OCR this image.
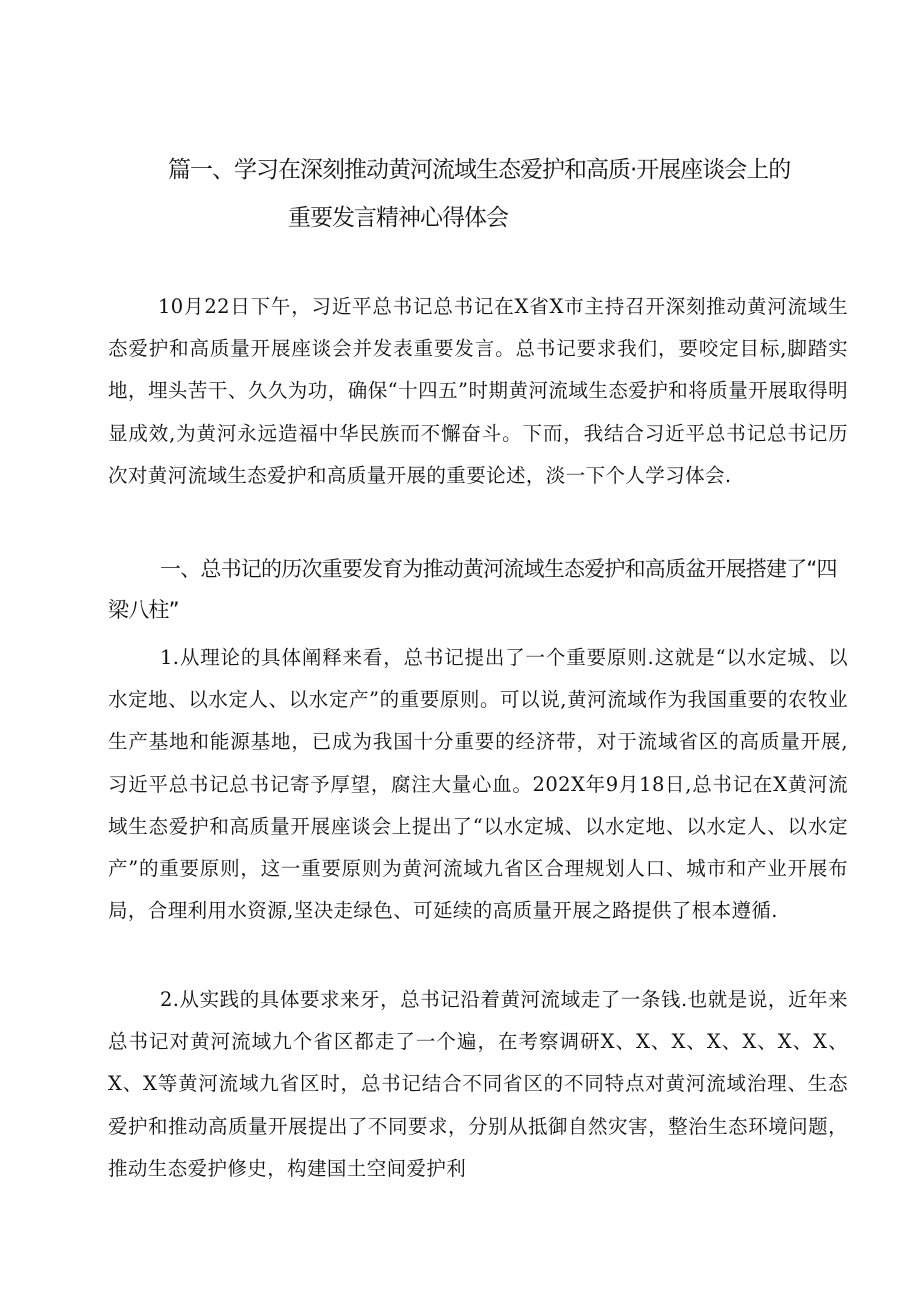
篇一、学习在深刻推动黄河流域生态爱护和高质·开展座谈会上的
重要发言精神心得体会
10月22日下午，习近平总书记总书记在X省X市主持召开深刻推动黄河流域生态爱护和高质量开展座谈会并发表重要发言。总书记要求我们，要咬定目标,脚踏实地，埋头苦干、久久为功，确保“十四五”时期黄河流域生态爱护和将质量开展取得明显成效,为黄河永远造福中华民族而不懈奋斗。下而，我结合习近平总书记总书记历次对黄河流域生态爱护和高质量开展的重要论述，淡一下个人学习体会.
一、总书记的历次重要发育为推动黄河流域生态爱护和高质盆开展搭建了“四梁八柱”
1.从理论的具体阐释来看，总书记提出了一个重要原则.这就是“以水定城、以水定地、以水定人、以水定产”的重要原则。可以说,黄河流域作为我国重要的农牧业生产基地和能源基地，已成为我国十分重要的经济带，对于流域省区的高质量开展,习近平总书记总书记寄予厚望，腐注大量心血。202X年9月18日,总书记在X黄河流域生态爱护和高质量开展座谈会上提出了“以水定城、以水定地、以水定人、以水定产”的重要原则，这一重要原则为黄河流域九省区合理规划人口、城市和产业开展布局，合理利用水资源,坚决走绿色、可延续的高质量开展之路提供了根本遵循.
2.从实践的具体要求来牙，总书记沿着黄河流域走了一条钱.也就是说，近年来总书记对黄河流域九个省区都走了一个遍，在考察调研X、X、X、X、X、X、X、X、X等黄河流域九省区时，总书记结合不同省区的不同特点对黄河流域治理、生态爱护和推动高质量开展提出了不同要求，分别从抵御自然灾害，整治生态环境问题，推动生态爱护修史，构建国土空间爱护利
